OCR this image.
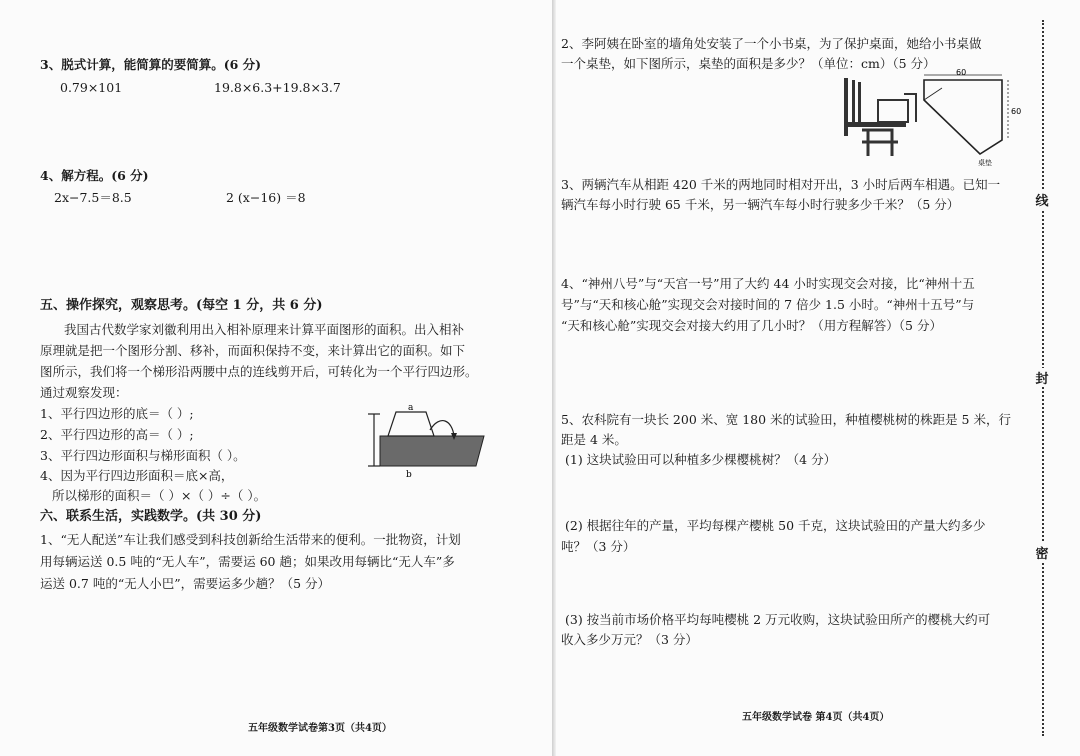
3、脱式计算，能简算的要简算。(6 分)
0.79×101	19.8×6.3+19.8×3.7
4、解方程。(6 分)
2x−7.5＝8.5	2 (x−16) ＝8
五、操作探究，观察思考。(每空 1 分，共 6 分)
我国古代数学家刘徽利用出入相补原理来计算平面图形的面积。出入相补
原理就是把一个图形分割、移补，而面积保持不变，来计算出它的面积。如下
图所示，我们将一个梯形沿两腰中点的连线剪开后，可转化为一个平行四边形。
通过观察发现：
1、平行四边形的底＝（ ）;
2、平行四边形的高＝（ ）;
3、平行四边形面积与梯形面积（ ）。
4、因为平行四边形面积＝底×高，
所以梯形的面积＝（ ）×（ ）÷（ ）。
a
b
六、联系生活，实践数学。(共 30 分)
1、“无人配送”车让我们感受到科技创新给生活带来的便利。一批物资，计划
用每辆运送 0.5 吨的“无人车”，需要运 60 趟；如果改用每辆比“无人车”多
运送 0.7 吨的“无人小巴”，需要运多少趟？（5 分）
五年级数学试卷第3页（共4页）
2、李阿姨在卧室的墙角处安装了一个小书桌，为了保护桌面，她给小书桌做
一个桌垫，如下图所示，桌垫的面积是多少？（单位：cm）（5 分）
60
60
桌垫
3、两辆汽车从相距 420 千米的两地同时相对开出，3 小时后两车相遇。已知一
辆汽车每小时行驶 65 千米，另一辆汽车每小时行驶多少千米？（5 分）
4、“神州八号”与“天宫一号”用了大约 44 小时实现交会对接，比“神州十五
号”与“天和核心舱”实现交会对接时间的 7 倍少 1.5 小时。“神州十五号”与
“天和核心舱”实现交会对接大约用了几小时？（用方程解答）（5 分）
5、农科院有一块长 200 米、宽 180 米的试验田，种植樱桃树的株距是 5 米，行
距是 4 米。
(1) 这块试验田可以种植多少棵樱桃树？（4 分）
(2) 根据往年的产量，平均每棵产樱桃 50 千克，这块试验田的产量大约多少
吨？（3 分）
(3) 按当前市场价格平均每吨樱桃 2 万元收购，这块试验田所产的樱桃大约可
收入多少万元？（3 分）
五年级数学试卷 第4页（共4页）
线
封
密
